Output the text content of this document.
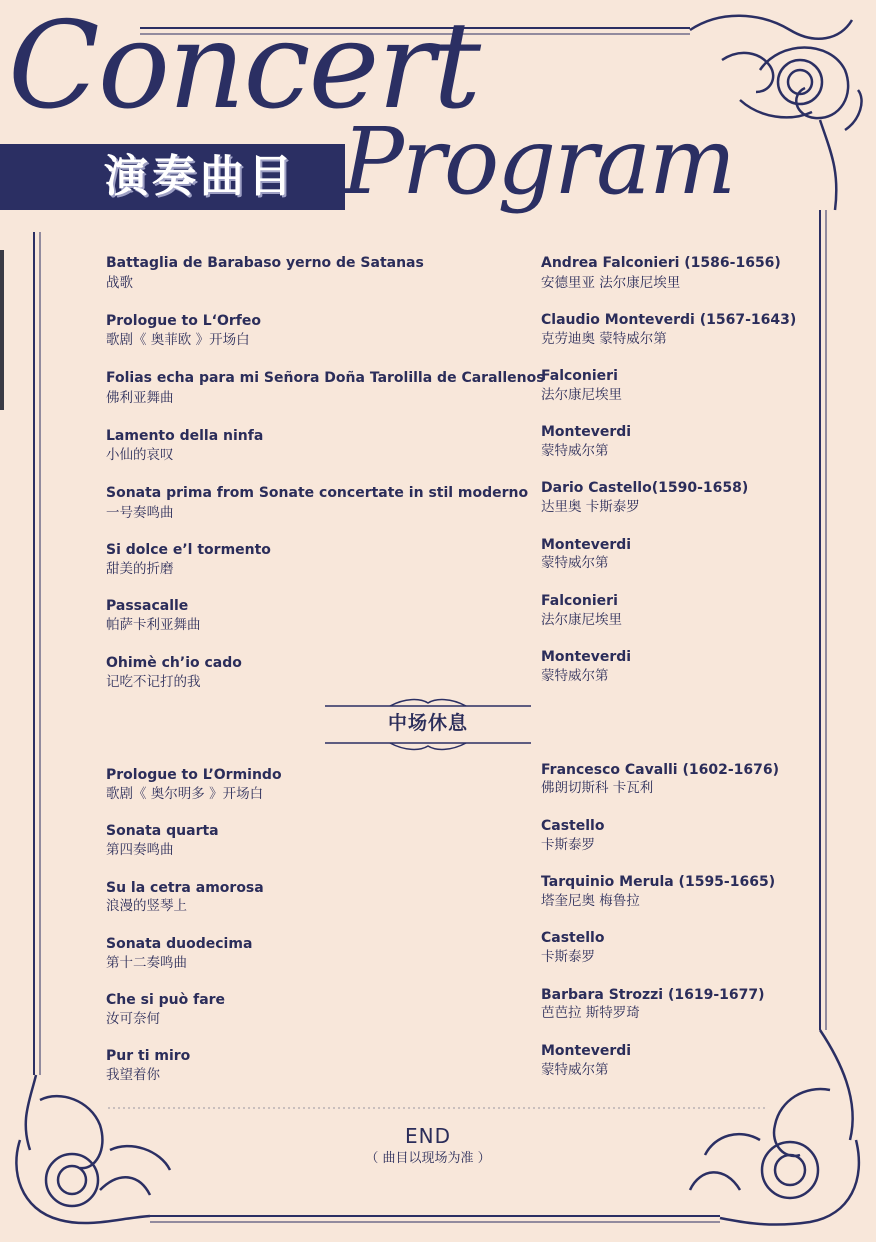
Concert
演奏曲目 Program
Battaglia de Barabaso yerno de Satanas
战歌
Andrea Falconieri (1586-1656)
安德里亚 法尔康尼埃里
Prologue to L‘Orfeo
歌剧《 奥菲欧 》开场白
Claudio Monteverdi (1567-1643)
克劳迪奥 蒙特威尔第
Folias echa para mi Señora Doña Tarolilla de Carallenos
佛利亚舞曲
Falconieri
法尔康尼埃里
Lamento della ninfa
小仙的哀叹
Monteverdi
蒙特威尔第
Sonata prima from Sonate concertate in stil moderno
一号奏鸣曲
Dario Castello(1590-1658)
达里奥 卡斯泰罗
Si dolce e’l tormento
甜美的折磨
Monteverdi
蒙特威尔第
Passacalle
帕萨卡利亚舞曲
Falconieri
法尔康尼埃里
Ohimè ch’io cado
记吃不记打的我
Monteverdi
蒙特威尔第
中场休息
Prologue to L’Ormindo
歌剧《 奥尔明多 》开场白
Francesco Cavalli (1602-1676)
佛朗切斯科 卡瓦利
Sonata quarta
第四奏鸣曲
Castello
卡斯泰罗
Su la cetra amorosa
浪漫的竖琴上
Tarquinio Merula (1595-1665)
塔奎尼奥 梅鲁拉
Sonata duodecima
第十二奏鸣曲
Castello
卡斯泰罗
Che si può fare
汝可奈何
Barbara Strozzi (1619-1677)
芭芭拉 斯特罗琦
Pur ti miro
我望着你
Monteverdi
蒙特威尔第
END
（ 曲目以现场为准 ）
